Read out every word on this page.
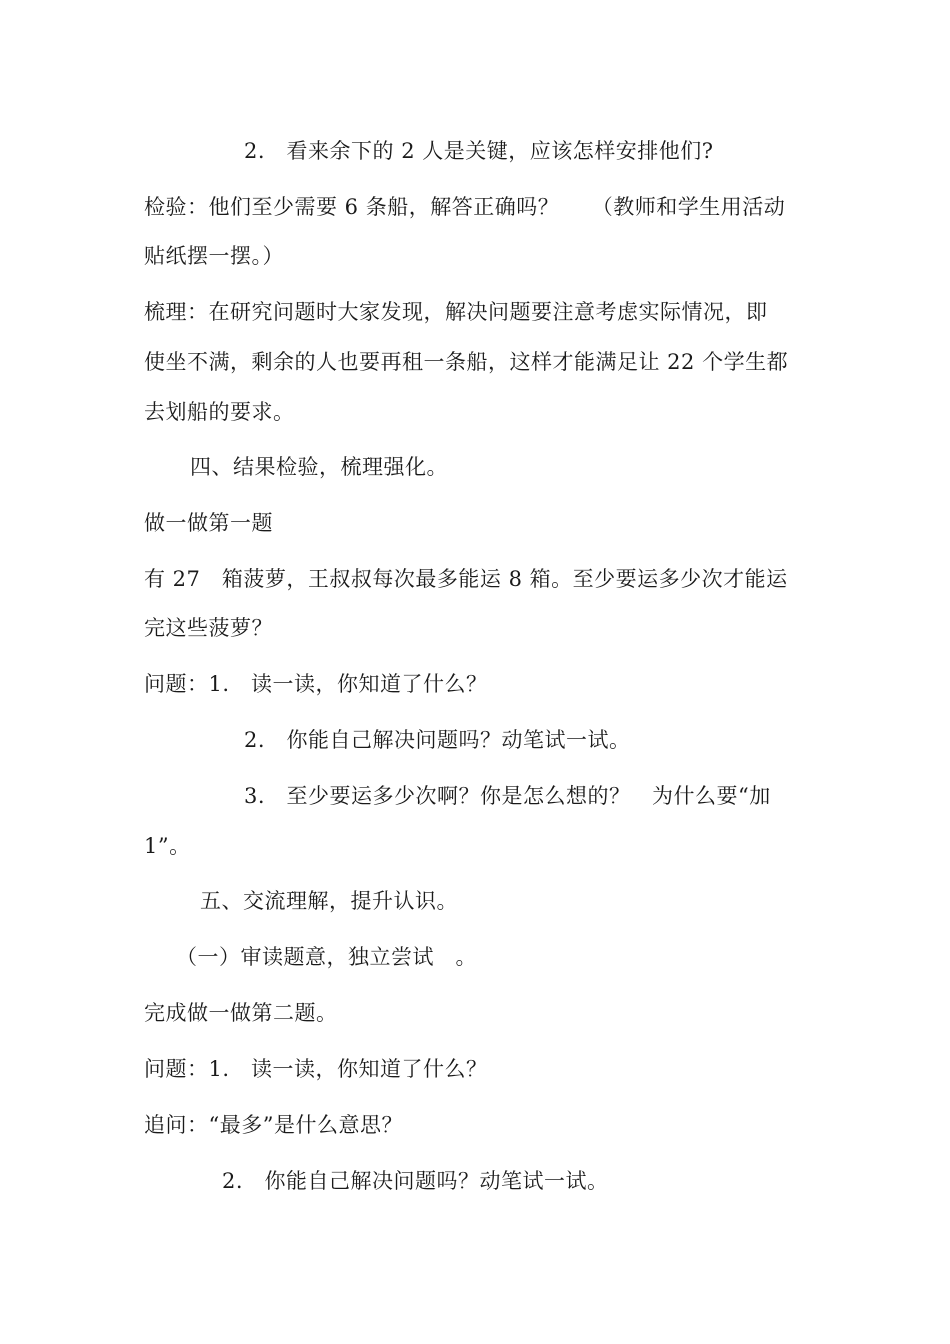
2.　看来余下的 2 人是关键，应该怎样安排他们?
检验：他们至少需要 6 条船，解答正确吗？　　（教师和学生用活动
贴纸摆一摆。）
梳理：在研究问题时大家发现，解决问题要注意考虑实际情况，即
使坐不满，剩余的人也要再租一条船，这样才能满足让 22 个学生都
去划船的要求。
四、结果检验，梳理强化。
做一做第一题
有 27　箱菠萝，王叔叔每次最多能运 8 箱。至少要运多少次才能运
完这些菠萝？
问题：1.　读一读，你知道了什么？
2.　你能自己解决问题吗？动笔试一试。
3.　至少要运多少次啊？你是怎么想的？　为什么要“加
1”。
五、交流理解，提升认识。
（一）审读题意，独立尝试　。
完成做一做第二题。
问题：1.　读一读，你知道了什么？
追问：“最多”是什么意思？
2.　你能自己解决问题吗？动笔试一试。
